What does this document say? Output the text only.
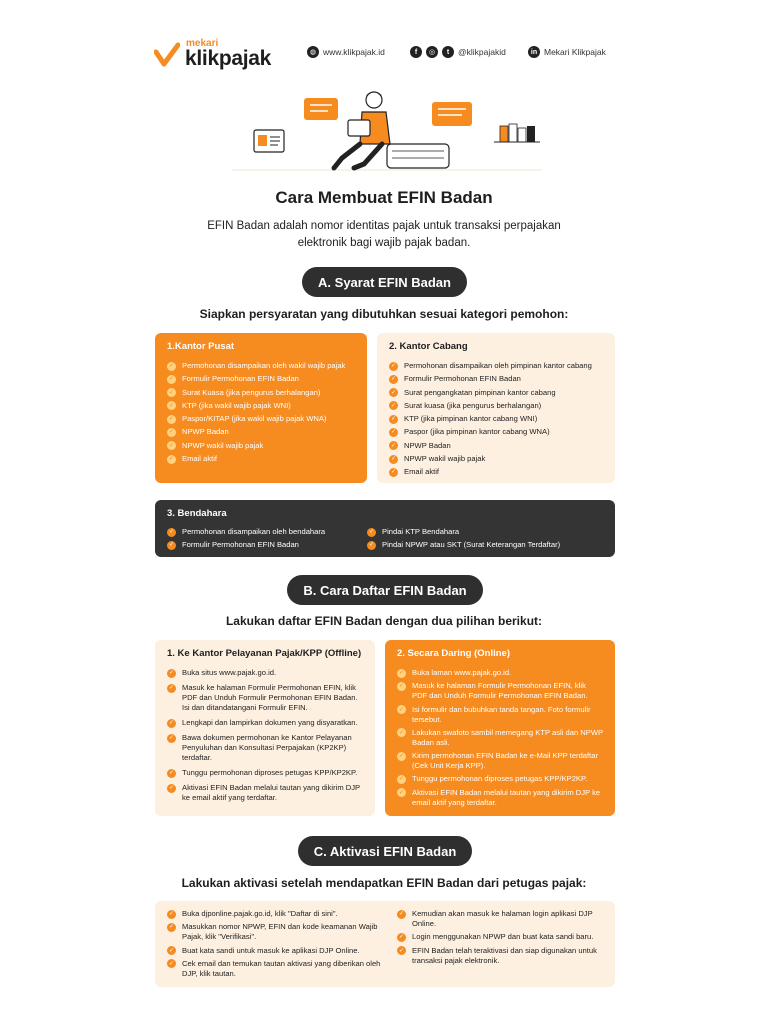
mekari
klikpajak	◍ www.klikpajak.id	f	◎	t	@klikpajakid	in Mekari Klikpajak
Cara Membuat EFIN Badan
EFIN Badan adalah nomor identitas pajak untuk transaksi perpajakan elektronik bagi wajib pajak badan.
A. Syarat EFIN Badan
Siapkan persyaratan yang dibutuhkan sesuai kategori pemohon:
1.Kantor Pusat
✓ Permohonan disampaikan oleh wakil wajib pajak
✓ Formulir Permohonan EFIN Badan
✓ Surat Kuasa (jika pengurus berhalangan)
✓ KTP (jika wakil wajib pajak WNI)
✓ Paspor/KITAP (jika wakil wajib pajak WNA)
✓ NPWP Badan
✓ NPWP wakil wajib pajak
✓ Email aktif
2. Kantor Cabang
✓ Permohonan disampaikan oleh pimpinan kantor cabang
✓ Formulir Permohonan EFIN Badan
✓ Surat pengangkatan pimpinan kantor cabang
✓ Surat kuasa (jika pengurus berhalangan)
✓ KTP (jika pimpinan kantor cabang WNI)
✓ Paspor (jika pimpinan kantor cabang WNA)
✓ NPWP Badan
✓ NPWP wakil wajib pajak
✓ Email aktif
3. Bendahara
✓ Permohonan disampaikan oleh bendahara
✓ Formulir Permohonan EFIN Badan
✓ Pindai KTP Bendahara
✓ Pindai NPWP atau SKT (Surat Keterangan Terdaftar)
B. Cara Daftar EFIN Badan
Lakukan daftar EFIN Badan dengan dua pilihan berikut:
1. Ke Kantor Pelayanan Pajak/KPP (Offline)
✓ Buka situs www.pajak.go.id.
✓ Masuk ke halaman Formulir Permohonan EFIN, klik PDF dan Unduh Formulir Permohonan EFIN Badan. Isi dan ditandatangani Formulir EFIN.
✓ Lengkapi dan lampirkan dokumen yang disyaratkan.
✓ Bawa dokumen permohonan ke Kantor Pelayanan Penyuluhan dan Konsultasi Perpajakan (KP2KP) terdaftar.
✓ Tunggu permohonan diproses petugas KPP/KP2KP.
✓ Aktivasi EFIN Badan melalui tautan yang dikirim DJP ke email aktif yang terdaftar.
2. Secara Daring (Online)
✓ Buka laman www.pajak.go.id.
✓ Masuk ke halaman Formulir Permohonan EFIN, klik PDF dan Unduh Formulir Permohonan EFIN Badan.
✓ Isi formulir dan bubuhkan tanda tangan. Foto formulir tersebut.
✓ Lakukan swafoto sambil memegang KTP asli dan NPWP Badan asli.
✓ Kirim permohonan EFIN Badan ke e-Mail KPP terdaftar (Cek Unit Kerja KPP).
✓ Tunggu permohonan diproses petugas KPP/KP2KP.
✓ Aktivasi EFIN Badan melalui tautan yang dikirim DJP ke email aktif yang terdaftar.
C. Aktivasi EFIN Badan
Lakukan aktivasi setelah mendapatkan EFIN Badan dari petugas pajak:
✓ Buka djponline.pajak.go.id, klik "Daftar di sini".
✓ Masukkan nomor NPWP, EFIN dan kode keamanan Wajib Pajak, klik "Verifikasi".
✓ Buat kata sandi untuk masuk ke aplikasi DJP Online.
✓ Cek email dan temukan tautan aktivasi yang diberikan oleh DJP, klik tautan.
✓ Kemudian akan masuk ke halaman login aplikasi DJP Online.
✓ Login menggunakan NPWP dan buat kata sandi baru.
✓ EFIN Badan telah teraktivasi dan siap digunakan untuk transaksi pajak elektronik.
